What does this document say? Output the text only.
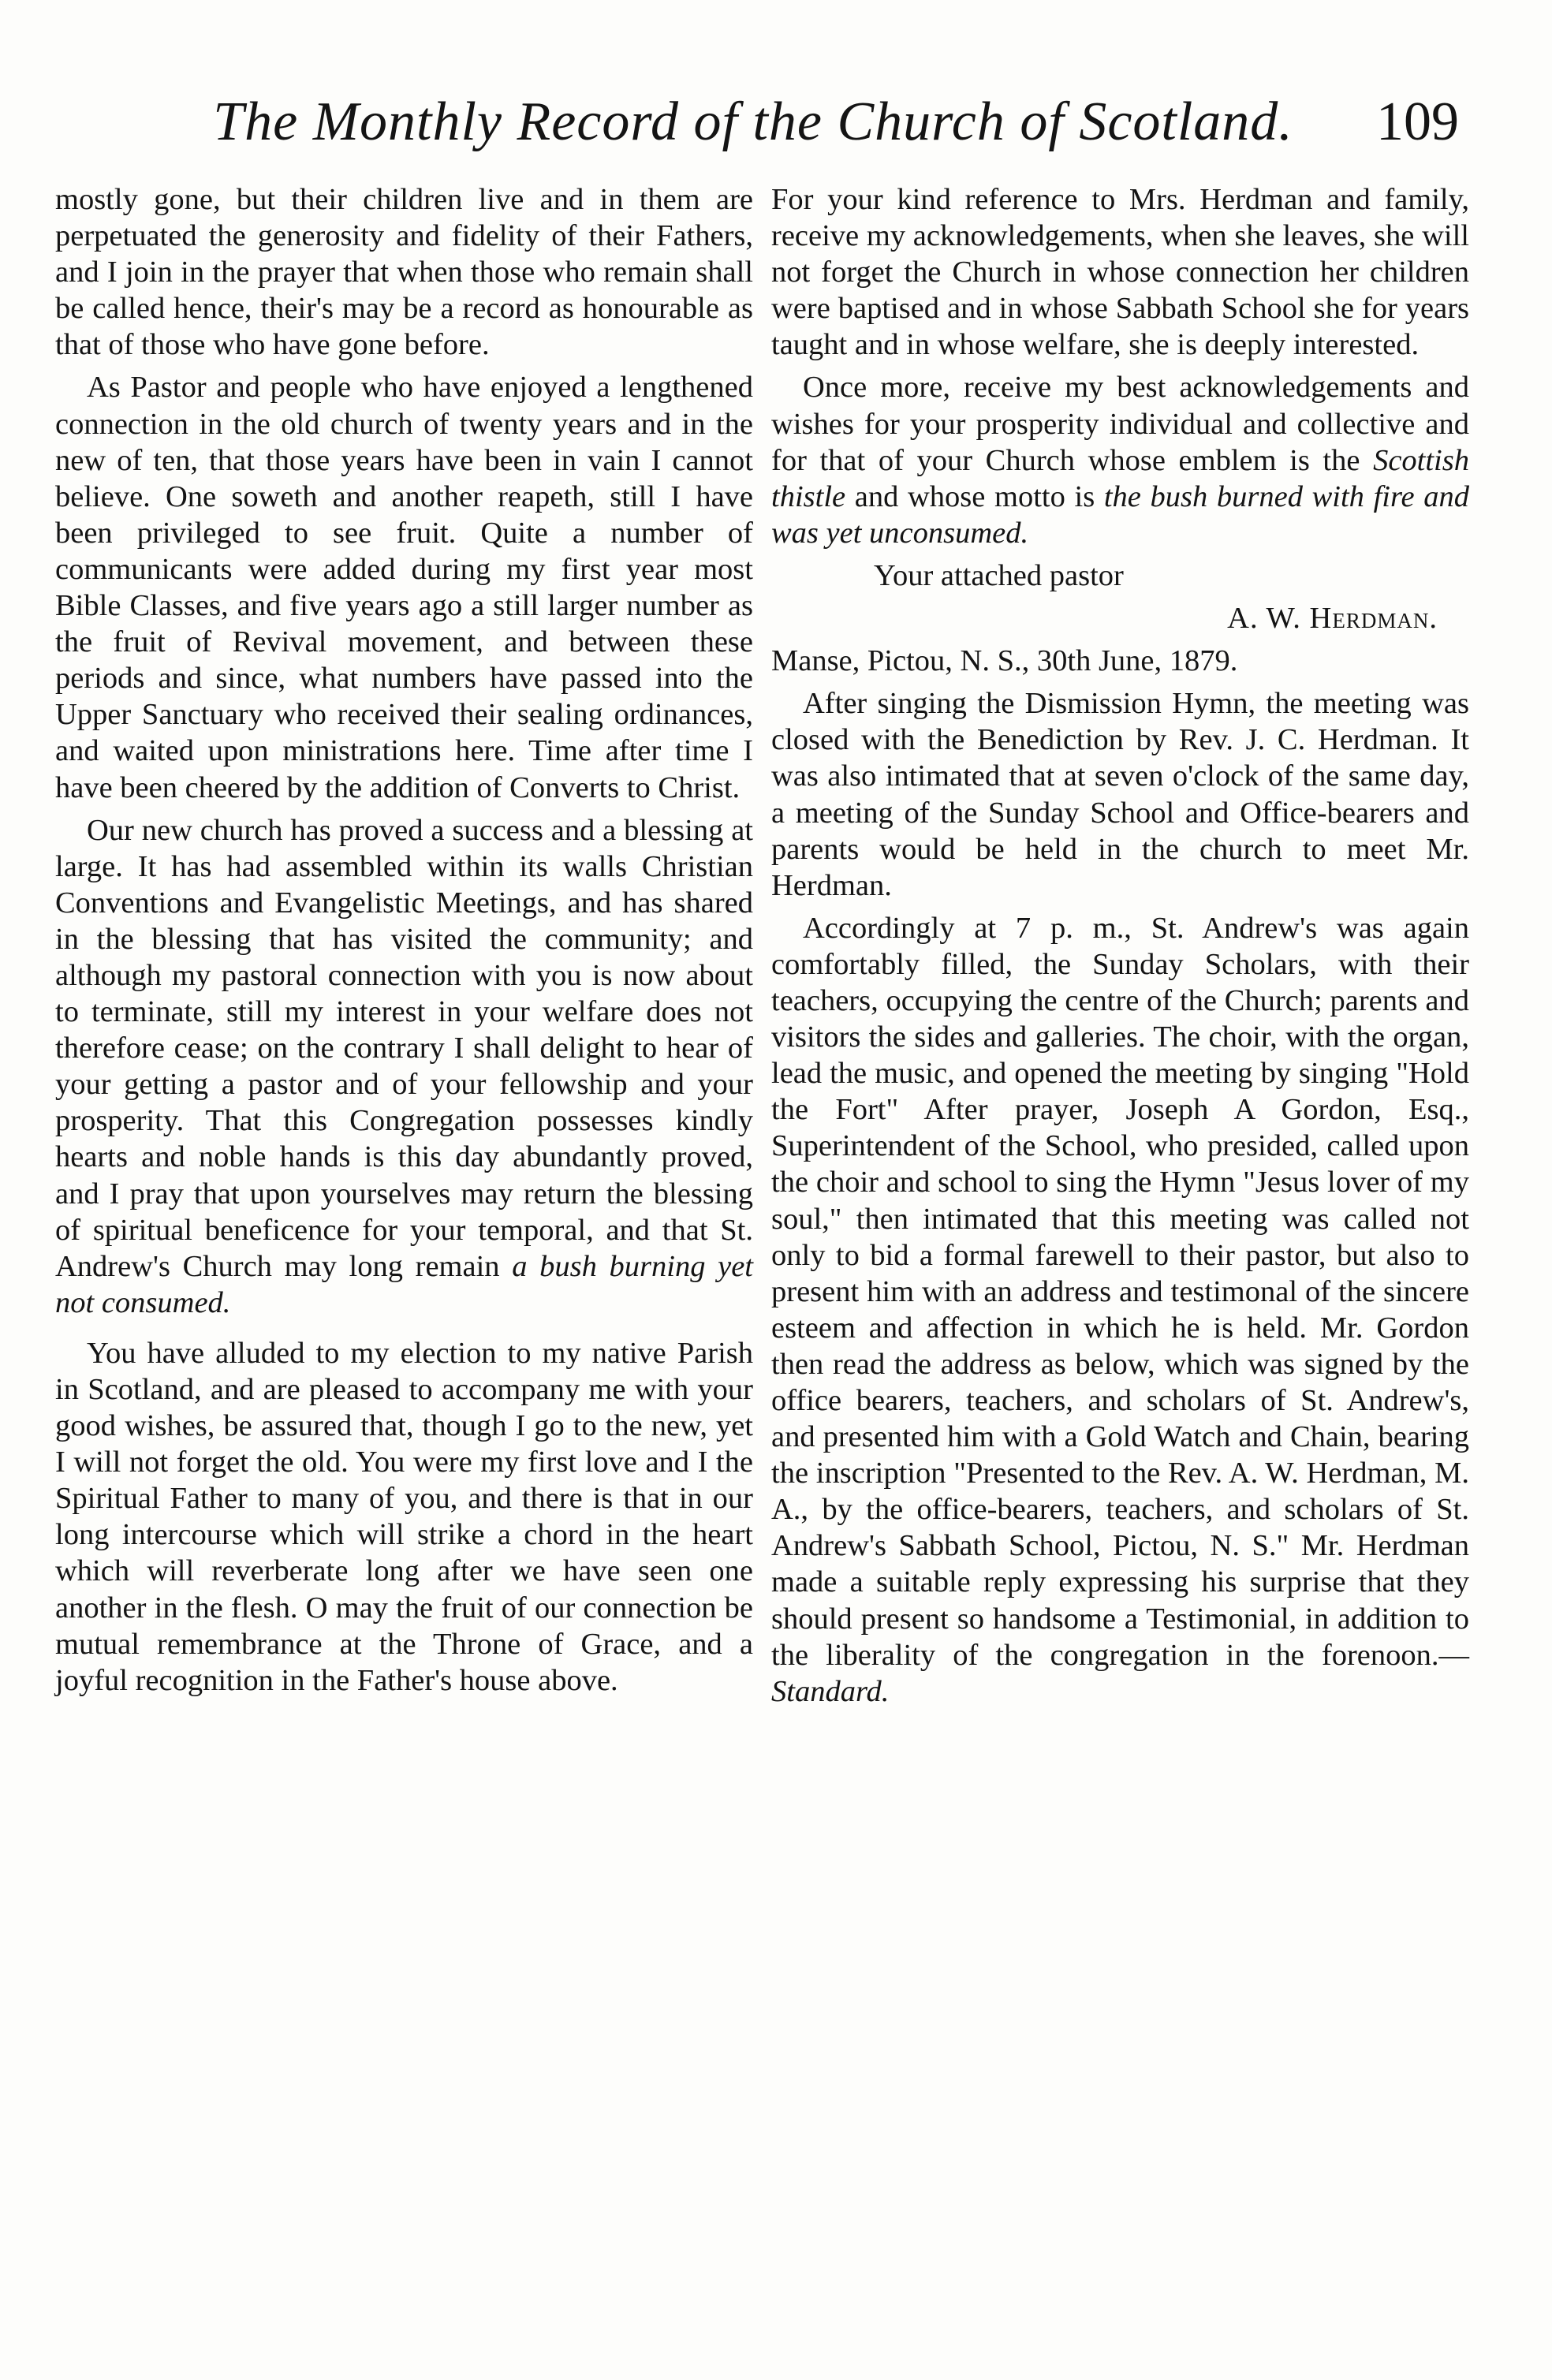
The Monthly Record of the Church of Scotland.	109

mostly gone, but their children live and in them are perpetuated the generosity and fidelity of their Fathers, and I join in the prayer that when those who remain shall be called hence, their's may be a record as honourable as that of those who have gone before.

As Pastor and people who have enjoyed a lengthened connection in the old church of twenty years and in the new of ten, that those years have been in vain I cannot believe. One soweth and another reapeth, still I have been privileged to see fruit. Quite a number of communicants were added during my first year most Bible Classes, and five years ago a still larger number as the fruit of Revival movement, and between these periods and since, what numbers have passed into the Upper Sanctuary who received their sealing ordinances, and waited upon ministrations here. Time after time I have been cheered by the addition of Converts to Christ.

Our new church has proved a success and a blessing at large. It has had assembled within its walls Christian Conventions and Evangelistic Meetings, and has shared in the blessing that has visited the community; and although my pastoral connection with you is now about to terminate, still my interest in your welfare does not therefore cease; on the contrary I shall delight to hear of your getting a pastor and of your fellowship and your prosperity. That this Congregation possesses kindly hearts and noble hands is this day abundantly proved, and I pray that upon yourselves may return the blessing of spiritual beneficence for your temporal, and that St. Andrew's Church may long remain a bush burning yet not consumed.

You have alluded to my election to my native Parish in Scotland, and are pleased to accompany me with your good wishes, be assured that, though I go to the new, yet I will not forget the old. You were my first love and I the Spiritual Father to many of you, and there is that in our long intercourse which will strike a chord in the heart which will reverberate long after we have seen one another in the flesh. O may the fruit of our connection be mutual remembrance at the Throne of Grace, and a joyful recognition in the Father's house above.

For your kind reference to Mrs. Herdman and family, receive my acknowledgements, when she leaves, she will not forget the Church in whose connection her children were baptised and in whose Sabbath School she for years taught and in whose welfare, she is deeply interested.

Once more, receive my best acknowledgements and wishes for your prosperity individual and collective and for that of your Church whose emblem is the Scottish thistle and whose motto is the bush burned with fire and was yet unconsumed.

Your attached pastor

A. W. Herdman.

Manse, Pictou, N. S., 30th June, 1879.

After singing the Dismission Hymn, the meeting was closed with the Benediction by Rev. J. C. Herdman. It was also intimated that at seven o'clock of the same day, a meeting of the Sunday School and Office-bearers and parents would be held in the church to meet Mr. Herdman.

Accordingly at 7 p. m., St. Andrew's was again comfortably filled, the Sunday Scholars, with their teachers, occupying the centre of the Church; parents and visitors the sides and galleries. The choir, with the organ, lead the music, and opened the meeting by singing "Hold the Fort" After prayer, Joseph A Gordon, Esq., Superintendent of the School, who presided, called upon the choir and school to sing the Hymn "Jesus lover of my soul," then intimated that this meeting was called not only to bid a formal farewell to their pastor, but also to present him with an address and testimonal of the sincere esteem and affection in which he is held. Mr. Gordon then read the address as below, which was signed by the office bearers, teachers, and scholars of St. Andrew's, and presented him with a Gold Watch and Chain, bearing the inscription "Presented to the Rev. A. W. Herdman, M. A., by the office-bearers, teachers, and scholars of St. Andrew's Sabbath School, Pictou, N. S." Mr. Herdman made a suitable reply expressing his surprise that they should present so handsome a Testimonial, in addition to the liberality of the congregation in the forenoon.—Standard.
